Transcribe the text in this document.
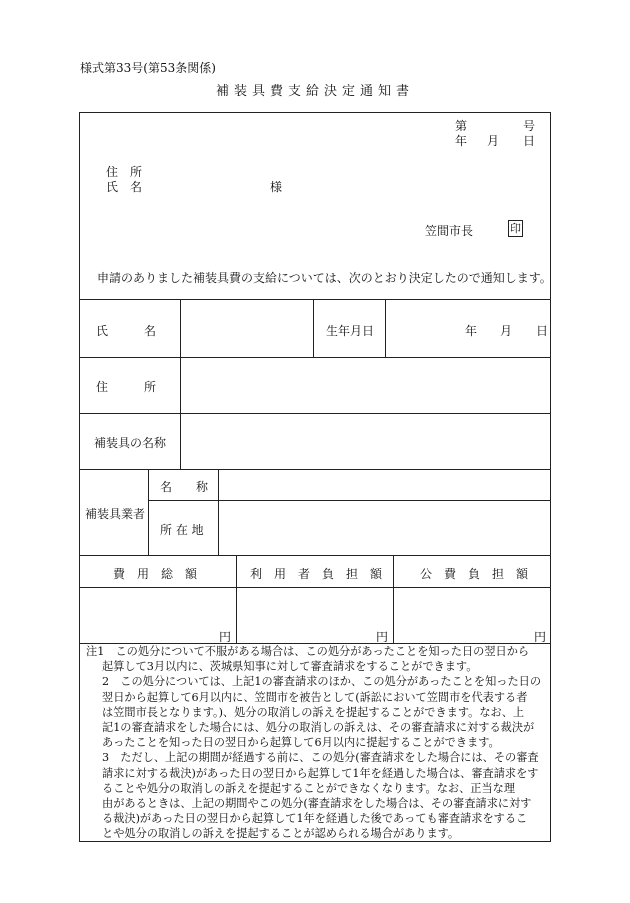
様式第33号(第53条関係)
補装具費支給決定通知書
第	号
年 月 日
住　所
氏　名	様
笠間市長	印
申請のありました補装具費の支給については、次のとおり決定したので通知します。
氏　　　名	生年月日	年 月 日
住　　　所
補装具の名称
補装具業者
名　　称
所 在 地
費　用　総　額	利　用　者　負　担　額	公　費　負　担　額
円	円	円
注1　この処分について不服がある場合は、この処分があったことを知った日の翌日から
起算して3月以内に、茨城県知事に対して審査請求をすることができます。
2　この処分については、上記1の審査請求のほか、この処分があったことを知った日の
翌日から起算して6月以内に、笠間市を被告として(訴訟において笠間市を代表する者
は笠間市長となります。)、処分の取消しの訴えを提起することができます。なお、上
記1の審査請求をした場合には、処分の取消しの訴えは、その審査請求に対する裁決が
あったことを知った日の翌日から起算して6月以内に提起することができます。
3　ただし、上記の期間が経過する前に、この処分(審査請求をした場合には、その審査
請求に対する裁決)があった日の翌日から起算して1年を経過した場合は、審査請求をす
ることや処分の取消しの訴えを提起することができなくなります。なお、正当な理
由があるときは、上記の期間やこの処分(審査請求をした場合は、その審査請求に対す
る裁決)があった日の翌日から起算して1年を経過した後であっても審査請求をするこ
とや処分の取消しの訴えを提起することが認められる場合があります。
